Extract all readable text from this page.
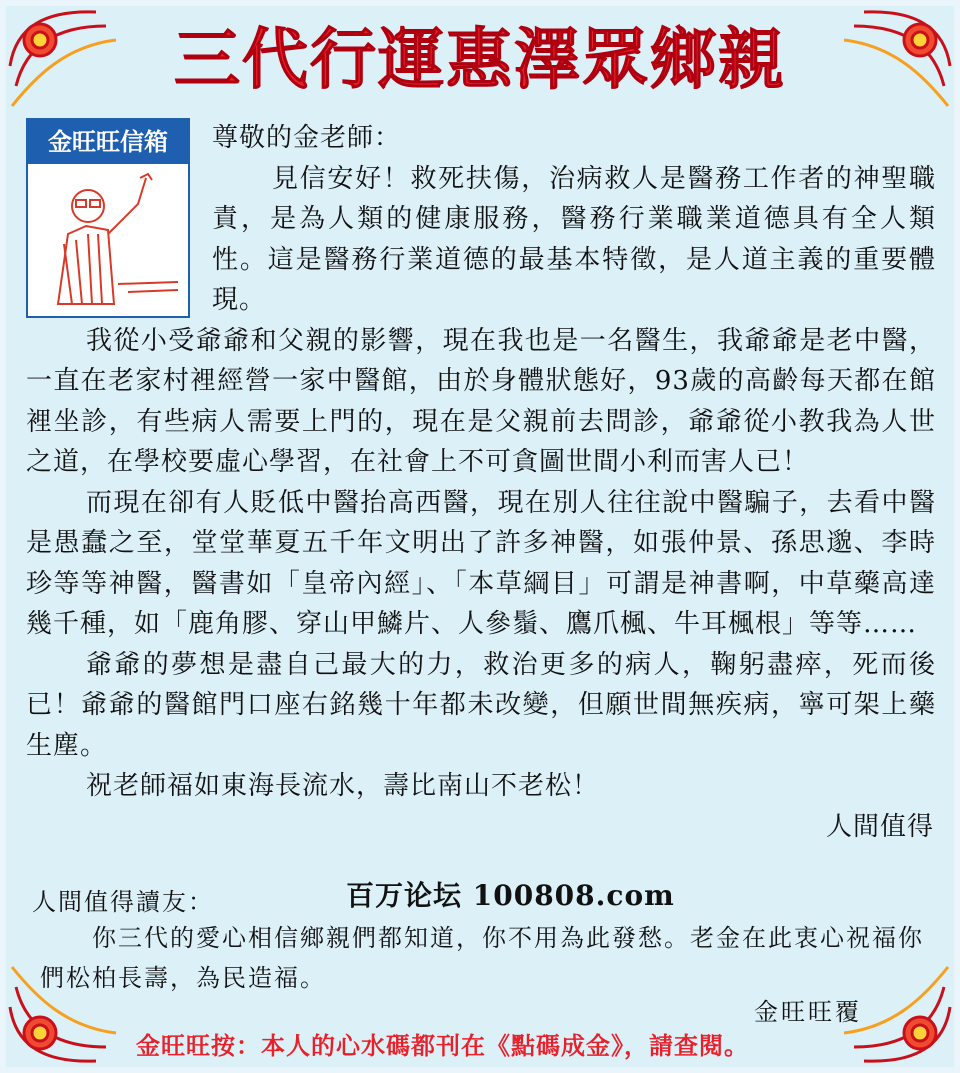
三代行運惠澤眾鄉親
金旺旺信箱	尊敬的金老師：

見信安好！救死扶傷，治病救人是醫務工作者的神聖職責，是為人類的健康服務，醫務行業職業道德具有全人類性。這是醫務行業道德的最基本特徵，是人道主義的重要體現。

我從小受爺爺和父親的影響，現在我也是一名醫生，我爺爺是老中醫，一直在老家村裡經營一家中醫館，由於身體狀態好，93歲的高齡每天都在館裡坐診，有些病人需要上門的，現在是父親前去問診，爺爺從小教我為人世之道，在學校要虛心學習，在社會上不可貪圖世間小利而害人已！

而現在卻有人貶低中醫抬高西醫，現在別人往往說中醫騙子，去看中醫是愚蠢之至，堂堂華夏五千年文明出了許多神醫，如張仲景、孫思邈、李時珍等等神醫，醫書如「皇帝內經」、「本草綱目」可謂是神書啊，中草藥高達幾千種，如「鹿角膠、穿山甲鱗片、人參鬚、鷹爪楓、牛耳楓根」等等……

爺爺的夢想是盡自己最大的力，救治更多的病人，鞠躬盡瘁，死而後已！爺爺的醫館門口座右銘幾十年都未改變，但願世間無疾病，寧可架上藥生塵。

祝老師福如東海長流水，壽比南山不老松！

人間值得

人間值得讀友：	百万论坛 100808.com

你三代的愛心相信鄉親們都知道，你不用為此發愁。老金在此衷心祝福你們松柏長壽，為民造福。

金旺旺覆
金旺旺按：本人的心水碼都刊在《點碼成金》，請查閱。
